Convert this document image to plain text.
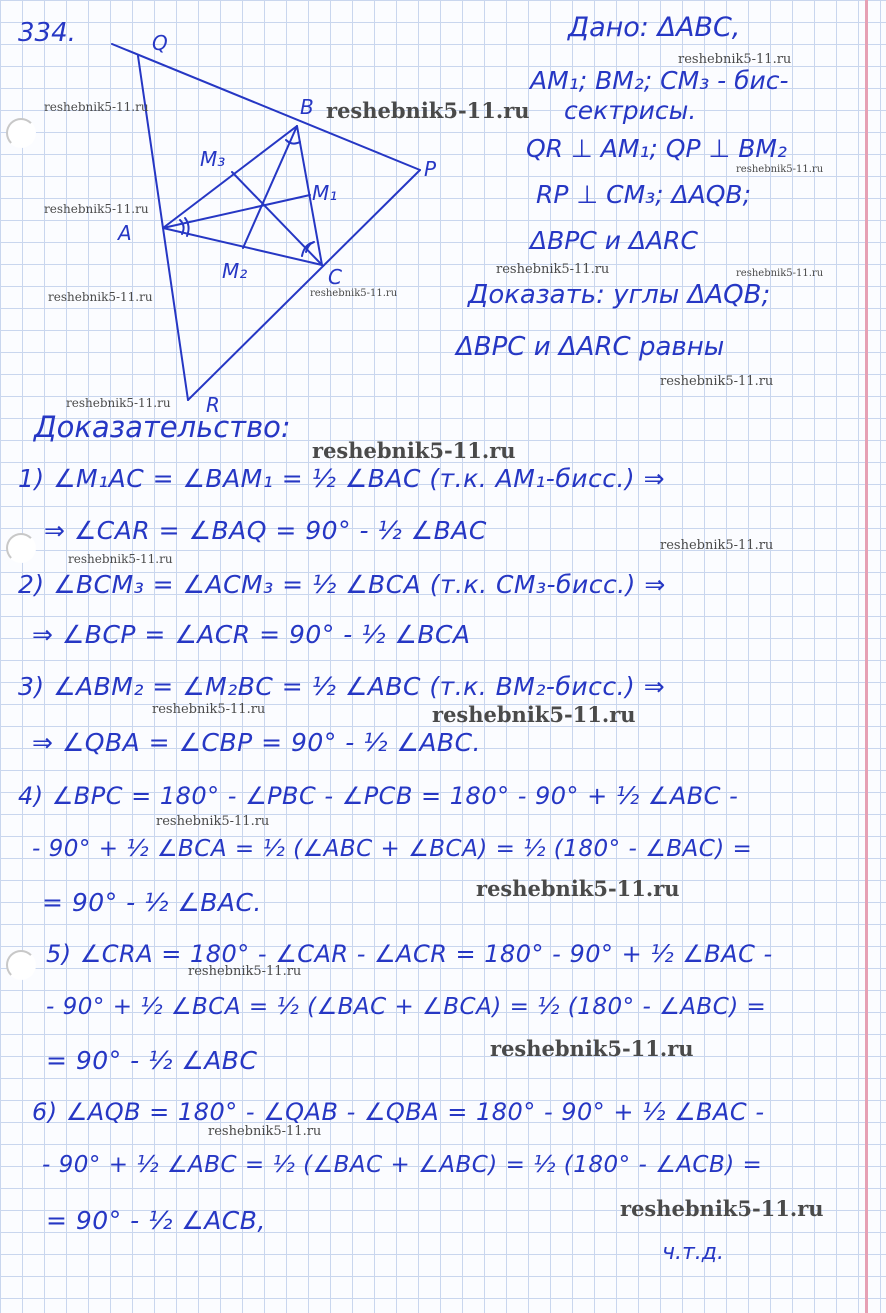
334.	Q
B
P
A
C
R
M₁
M₂
M₃
Дано: ΔABC,
AM₁; BM₂; CM₃ - бис-
сектрисы.
QR ⊥ AM₁; QP ⊥ BM₂
RP ⊥ CM₃; ΔAQB;
ΔBPC и ΔARC
Доказать: углы ΔAQB;
ΔBPC и ΔARC равны
Доказательство:
1) ∠M₁AC = ∠BAM₁ = ½ ∠BAC (т.к. AM₁-бисс.) ⇒
⇒ ∠CAR = ∠BAQ = 90° - ½ ∠BAC
2) ∠BCM₃ = ∠ACM₃ = ½ ∠BCA (т.к. CM₃-бисс.) ⇒
⇒ ∠BCP = ∠ACR = 90° - ½ ∠BCA
3) ∠ABM₂ = ∠M₂BC = ½ ∠ABC (т.к. BM₂-бисс.) ⇒
⇒ ∠QBA = ∠CBP = 90° - ½ ∠ABC.
4) ∠BPC = 180° - ∠PBC - ∠PCB = 180° - 90° + ½ ∠ABC -
- 90° + ½ ∠BCA = ½ (∠ABC + ∠BCA) = ½ (180° - ∠BAC) =
= 90° - ½ ∠BAC.
5) ∠CRA = 180° - ∠CAR - ∠ACR = 180° - 90° + ½ ∠BAC -
- 90° + ½ ∠BCA = ½ (∠BAC + ∠BCA) = ½ (180° - ∠ABC) =
= 90° - ½ ∠ABC
6) ∠AQB = 180° - ∠QAB - ∠QBA = 180° - 90° + ½ ∠BAC -
- 90° + ½ ∠ABC = ½ (∠BAC + ∠ABC) = ½ (180° - ∠ACB) =
= 90° - ½ ∠ACB,
ч.т.д.
reshebnik5-11.ru
reshebnik5-11.ru
reshebnik5-11.ru
reshebnik5-11.ru
reshebnik5-11.ru
reshebnik5-11.ru
reshebnik5-11.ru
reshebnik5-11.ru
reshebnik5-11.ru	reshebnik5-11.ru
reshebnik5-11.ru
reshebnik5-11.ru
reshebnik5-11.ru
reshebnik5-11.ru	reshebnik5-11.ru
reshebnik5-11.ru
reshebnik5-11.ru
reshebnik5-11.ru
reshebnik5-11.ru
reshebnik5-11.ru
reshebnik5-11.ru
reshebnik5-11.ru
